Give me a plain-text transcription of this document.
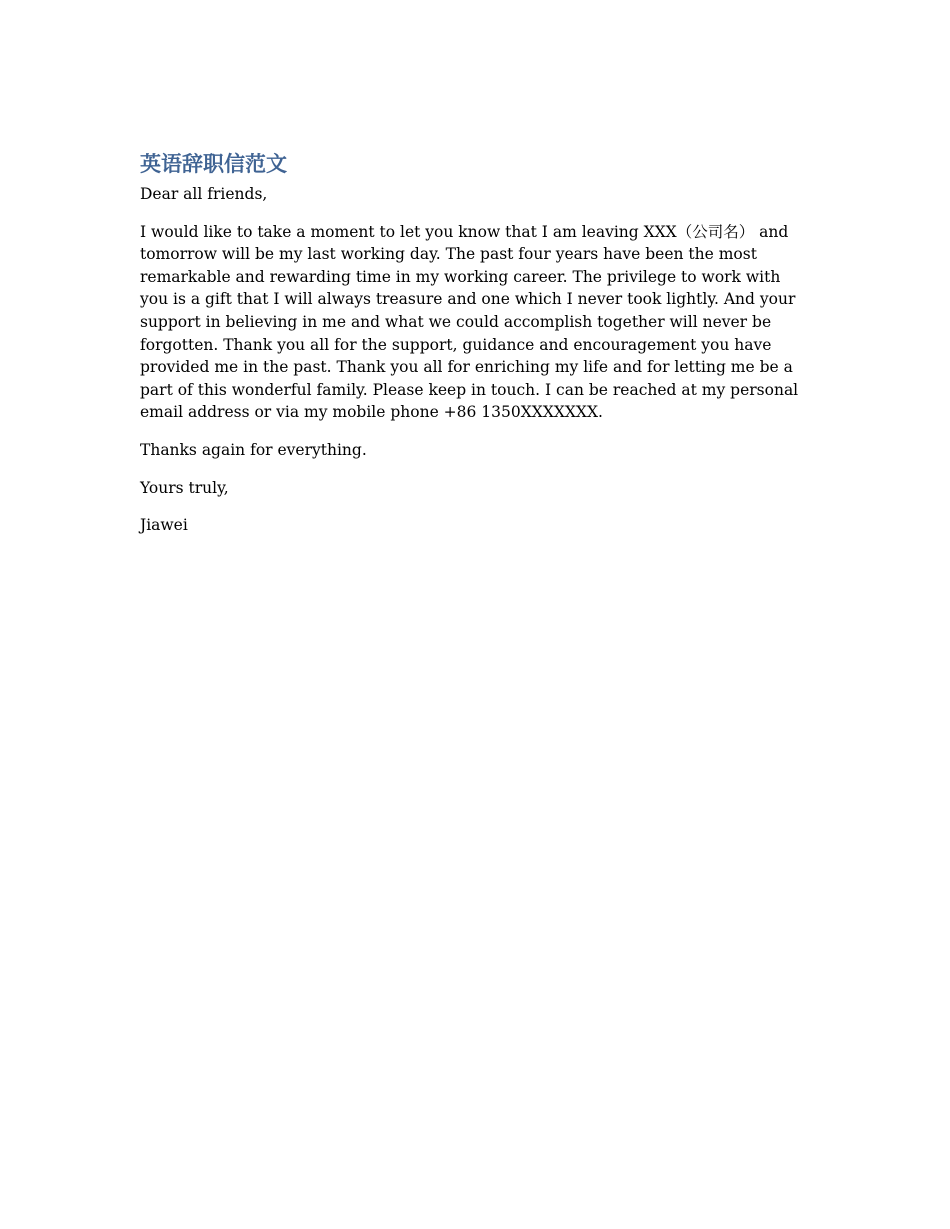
英语辞职信范文

Dear all friends,

I would like to take a moment to let you know that I am leaving XXX（公司名） and tomorrow will be my last working day. The past four years have been the most remarkable and rewarding time in my working career. The privilege to work with you is a gift that I will always treasure and one which I never took lightly. And your support in believing in me and what we could accomplish together will never be forgotten. Thank you all for the support, guidance and encouragement you have provided me in the past. Thank you all for enriching my life and for letting me be a part of this wonderful family. Please keep in touch. I can be reached at my personal email address or via my mobile phone +86 1350XXXXXXX.

Thanks again for everything.

Yours truly,

Jiawei
